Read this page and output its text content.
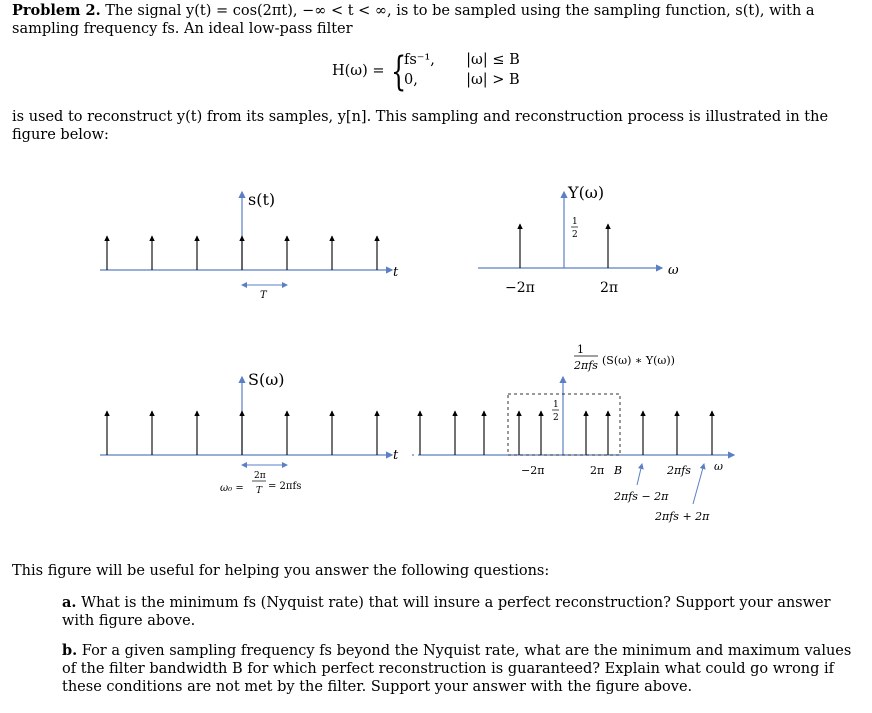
Problem 2. The signal y(t) = cos(2πt), −∞ < t < ∞, is to be sampled using the sampling function, s(t), with a sampling frequency fs. An ideal low-pass filter
H(ω) = {
fs⁻¹, |ω| ≤ B
0,	|ω| > B
is used to reconstruct y(t) from its samples, y[n]. This sampling and reconstruction process is illustrated in the figure below:
s(t)
t
T
Y(ω)
1
2
−2π	2π
ω
S(ω)
t
ω₀ =
2π
T = 2πfs
1
2πfs (S(ω) ∗ Y(ω))
1
2
−2π	2π B	2πfs ω
2πfs − 2π
2πfs + 2π
This figure will be useful for helping you answer the following questions:
a. What is the minimum fs (Nyquist rate) that will insure a perfect reconstruction? Support your answer with figure above.
b. For a given sampling frequency fs beyond the Nyquist rate, what are the minimum and maximum values of the filter bandwidth B for which perfect reconstruction is guaranteed? Explain what could go wrong if these conditions are not met by the filter. Support your answer with the figure above.
